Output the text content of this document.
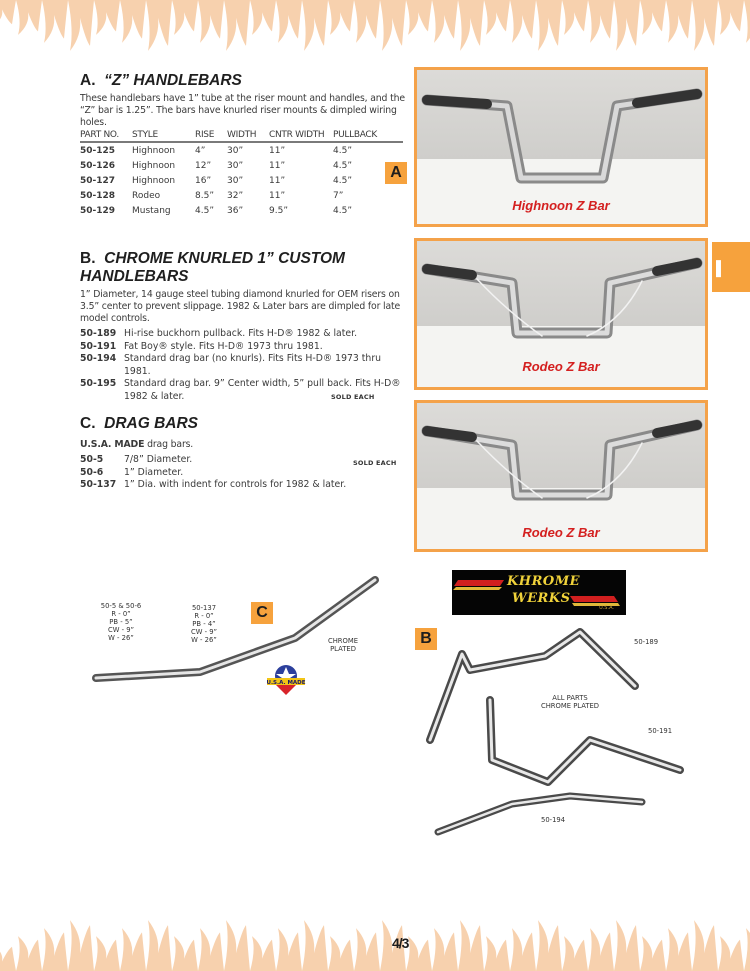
A. “Z” HANDLEBARS

These handlebars have 1” tube at the riser mount and handles, and the “Z” bar is 1.25”. The bars have knurled riser mounts & dimpled wiring holes.

PART NO.	STYLE	RISE	WIDTH	CNTR WIDTH	PULLBACK
50-125	Highnoon	4”	30”	11”	4.5”
50-126	Highnoon	12”	30”	11”	4.5”
50-127	Highnoon	16”	30”	11”	4.5”
50-128	Rodeo	8.5”	32”	11”	7”
50-129	Mustang	4.5”	36”	9.5”	4.5”
A
B. CHROME KNURLED 1” CUSTOM HANDLEBARS

1” Diameter, 14 gauge steel tubing diamond knurled for OEM risers on 3.5” center to prevent slippage. 1982 & Later bars are dimpled for late model controls.

50-189 Hi-rise buckhorn pullback. Fits H-D® 1982 & later.
50-191 Fat Boy® style. Fits H-D® 1973 thru 1981.
50-194 Standard drag bar (no knurls). Fits Fits H-D® 1973 thru 1981.
50-195 Standard drag bar. 9” Center width, 5” pull back. Fits H-D® 1982 & later.	SOLD EACH
C. DRAG BARS

U.S.A. MADE drag bars.

50-5	7/8” Diameter.
50-6	1” Diameter.
50-137 1” Dia. with indent for controls for 1982 & later.
SOLD EACH
Highnoon Z Bar
Rodeo Z Bar
Rodeo Z Bar
▌
50-5 & 50-6
R - 0”
PB - 5”
CW - 9”
W - 26”
50-137
R - 0”
PB - 4”
CW - 9”
W - 26”
C
CHROME
PLATED
U.S.A. MADE
KHROME
WERKS
U.S.A.
B	50-189
ALL PARTS
CHROME PLATED
50-191
50-194
4/3
